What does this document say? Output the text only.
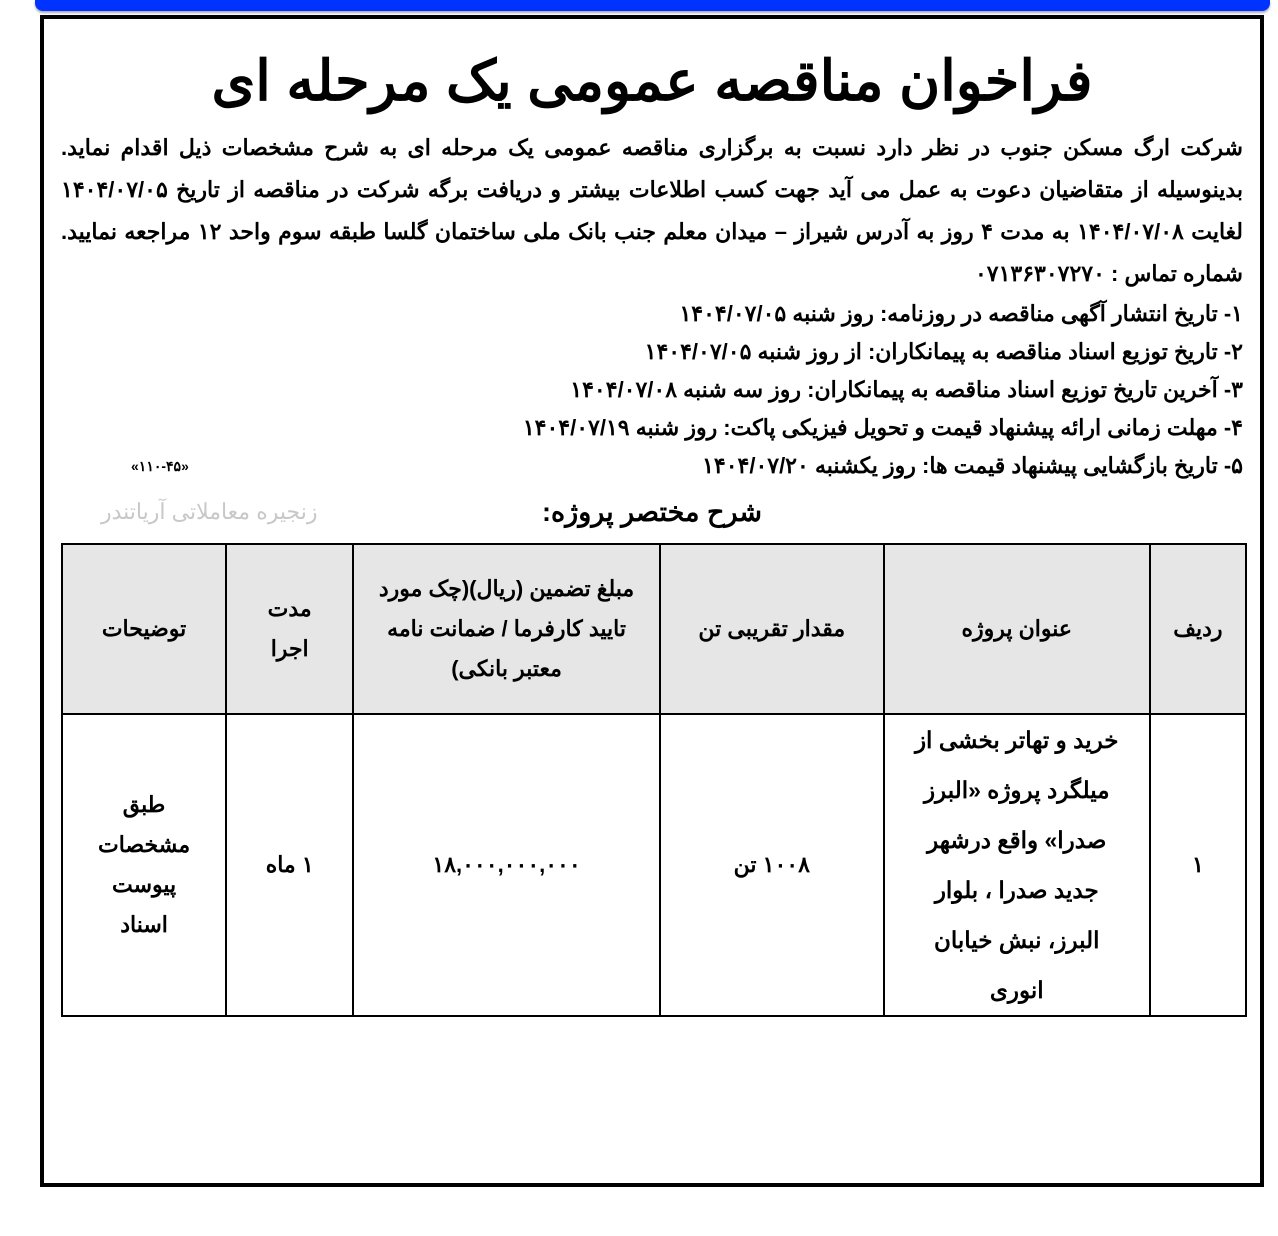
فراخوان مناقصه عمومی یک مرحله ای
شرکت ارگ مسکن جنوب در نظر دارد نسبت به برگزاری مناقصه عمومی یک مرحله ای به شرح مشخصات ذیل اقدام نماید. بدینوسیله از متقاضیان دعوت به عمل می آید جهت کسب اطلاعات بیشتر و دریافت برگه شرکت در مناقصه از تاریخ ۱۴۰۴/۰۷/۰۵ لغایت ۱۴۰۴/۰۷/۰۸ به مدت ۴ روز به آدرس شیراز – میدان معلم جنب بانک ملی ساختمان گلسا طبقه سوم واحد ۱۲ مراجعه نمایید. شماره تماس : ۰۷۱۳۶۳۰۷۲۷۰
۱- تاریخ انتشار آگهی مناقصه در روزنامه: روز شنبه ۱۴۰۴/۰۷/۰۵
۲- تاریخ توزیع اسناد مناقصه به پیمانکاران: از روز شنبه ۱۴۰۴/۰۷/۰۵
۳- آخرین تاریخ توزیع اسناد مناقصه به پیمانکاران: روز سه شنبه ۱۴۰۴/۰۷/۰۸
۴- مهلت زمانی ارائه پیشنهاد قیمت و تحویل فیزیکی پاکت: روز شنبه ۱۴۰۴/۰۷/۱۹
۵- تاریخ بازگشایی پیشنهاد قیمت ها: روز یکشنبه ۱۴۰۴/۰۷/۲۰
«۱۱۰-۴۵»
شرح مختصر پروژه:
زنجیره معاملاتی آریاتندر
ردیف	عنوان پروژه	مقدار تقریبی تن	مبلغ تضمین (ریال)(چک مورد تایید کارفرما / ضمانت نامه معتبر بانکی)	مدت اجرا	توضیحات
۱	خرید و تهاتر بخشی از میلگرد پروژه «البرز صدرا» واقع درشهر جدید صدرا ، بلوار البرز، نبش خیابان انوری	۱۰۰۸ تن	۱۸,۰۰۰,۰۰۰,۰۰۰	۱ ماه	طبق مشخصات پیوست اسناد
